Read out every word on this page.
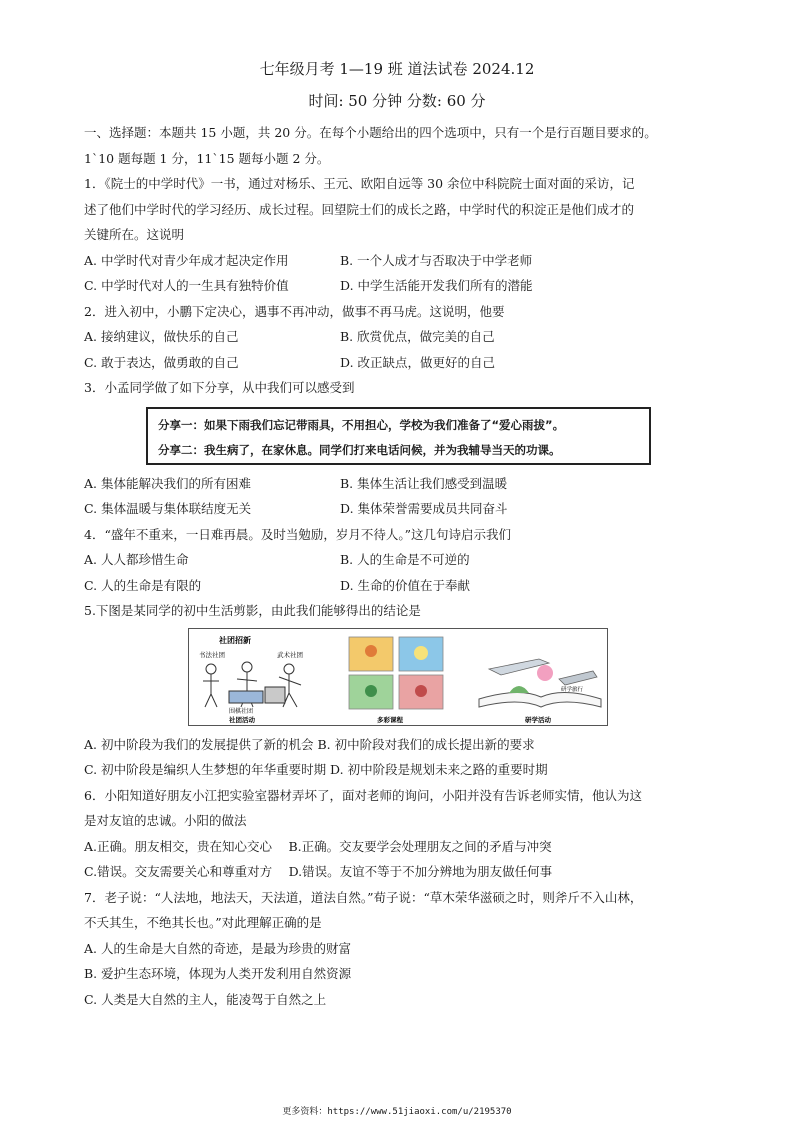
七年级月考 1—19 班 道法试卷 2024.12
时间: 50 分钟 分数: 60 分

一、选择题：本题共 15 小题，共 20 分。在每个小题给出的四个选项中，只有一个是行百题目要求的。

1`10 题每题 1 分，11`15 题每小题 2 分。

1．《院士的中学时代》一书，通过对杨乐、王元、欧阳自远等 30 余位中科院院士面对面的采访，记

述了他们中学时代的学习经历、成长过程。回望院士们的成长之路，中学时代的积淀正是他们成才的

关键所在。这说明

A. 中学时代对青少年成才起决定作用	B. 一个人成才与否取决于中学老师
C. 中学时代对人的一生具有独特价值	D. 中学生活能开发我们所有的潜能

2．进入初中，小鹏下定决心，遇事不再冲动，做事不再马虎。这说明，他要

A. 接纳建议，做快乐的自己	B. 欣赏优点，做完美的自己
C. 敢于表达，做勇敢的自己	D. 改正缺点，做更好的自己

3．小孟同学做了如下分享，从中我们可以感受到

分享一：如果下雨我们忘记带雨具，不用担心，学校为我们准备了“爱心雨拔”。
分享二：我生病了，在家休息。同学们打来电话问候，并为我辅导当天的功课。
A. 集体能解决我们的所有困难	B. 集体生活让我们感受到温暖
C. 集体温暖与集体联结度无关	D. 集体荣誉需要成员共同奋斗

4．“盛年不重来，一日难再晨。及时当勉励，岁月不待人。”这几句诗启示我们

A. 人人都珍惜生命	B. 人的生命是不可逆的
C. 人的生命是有限的	D. 生命的价值在于奉献

5.下图是某同学的初中生活剪影，由此我们能够得出的结论是

社团招新
书法社团	武术社团
围棋社团
社团活动	多彩课程
研学旅行
研学活动

A. 初中阶段为我们的发展提供了新的机会 B. 初中阶段对我们的成长提出新的要求

C. 初中阶段是编织人生梦想的年华重要时期 D. 初中阶段是规划未来之路的重要时期

6．小阳知道好朋友小江把实验室器材弄坏了，面对老师的询问，小阳并没有告诉老师实情，他认为这

是对友谊的忠诚。小阳的做法

A.正确。朋友相交，贵在知心交心　 B.正确。交友要学会处理朋友之间的矛盾与冲突

C.错误。交友需要关心和尊重对方　 D.错误。友谊不等于不加分辨地为朋友做任何事

7．老子说：“人法地，地法天，天法道，道法自然。”荀子说：“草木荣华滋硕之时，则斧斤不入山林，

不夭其生，不绝其长也。”对此理解正确的是

A. 人的生命是大自然的奇迹，是最为珍贵的财富

B. 爱护生态环境，体现为人类开发利用自然资源

C. 人类是大自然的主人，能凌驾于自然之上

更多资料：https://www.51jiaoxi.com/u/2195370
